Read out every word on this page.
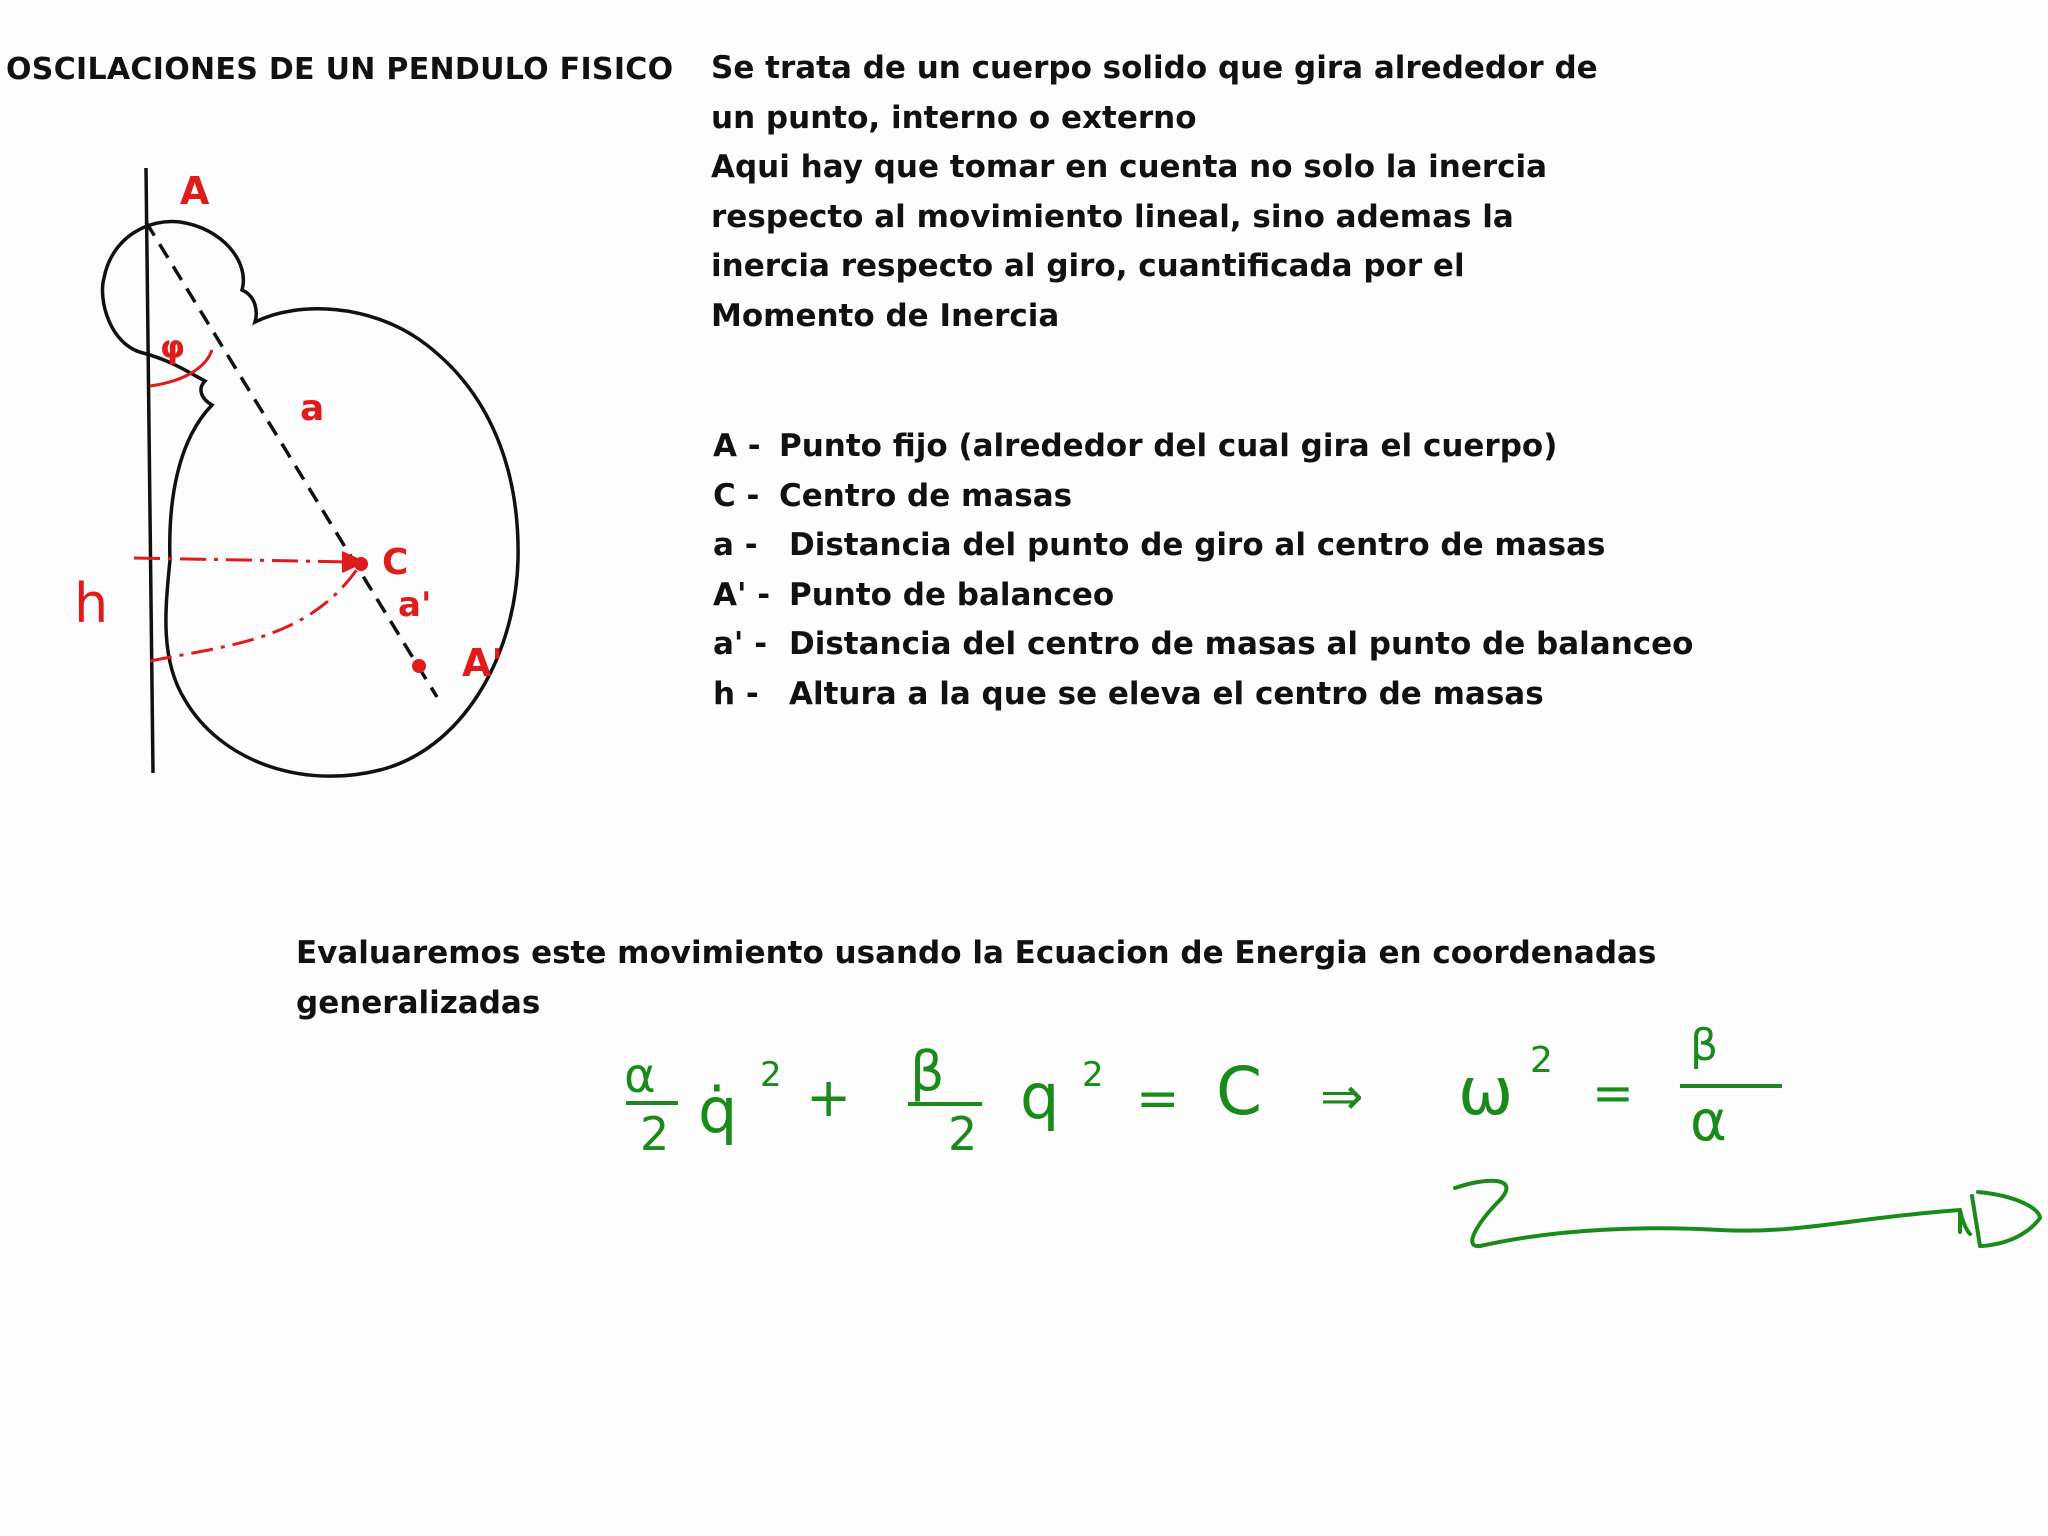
OSCILACIONES DE UN PENDULO FISICO Se trata de un cuerpo solido que gira alrededor de
un punto, interno o externo
Aqui hay que tomar en cuenta no solo la inercia
respecto al movimiento lineal, sino ademas la
inercia respecto al giro, cuantificada por el
Momento de Inercia
A - Punto fijo (alrededor del cual gira el cuerpo)
C - Centro de masas
a - Distancia del punto de giro al centro de masas
A' - Punto de balanceo
a' - Distancia del centro de masas al punto de balanceo
h - Altura a la que se eleva el centro de masas
Evaluaremos este movimiento usando la Ecuacion de Energia en coordenadas
generalizadas
A
φ
a
C
a'
A'
h
α
2 q̇ 2 + β
2
q 2 = C ⇒ ω 2
=
β
α
